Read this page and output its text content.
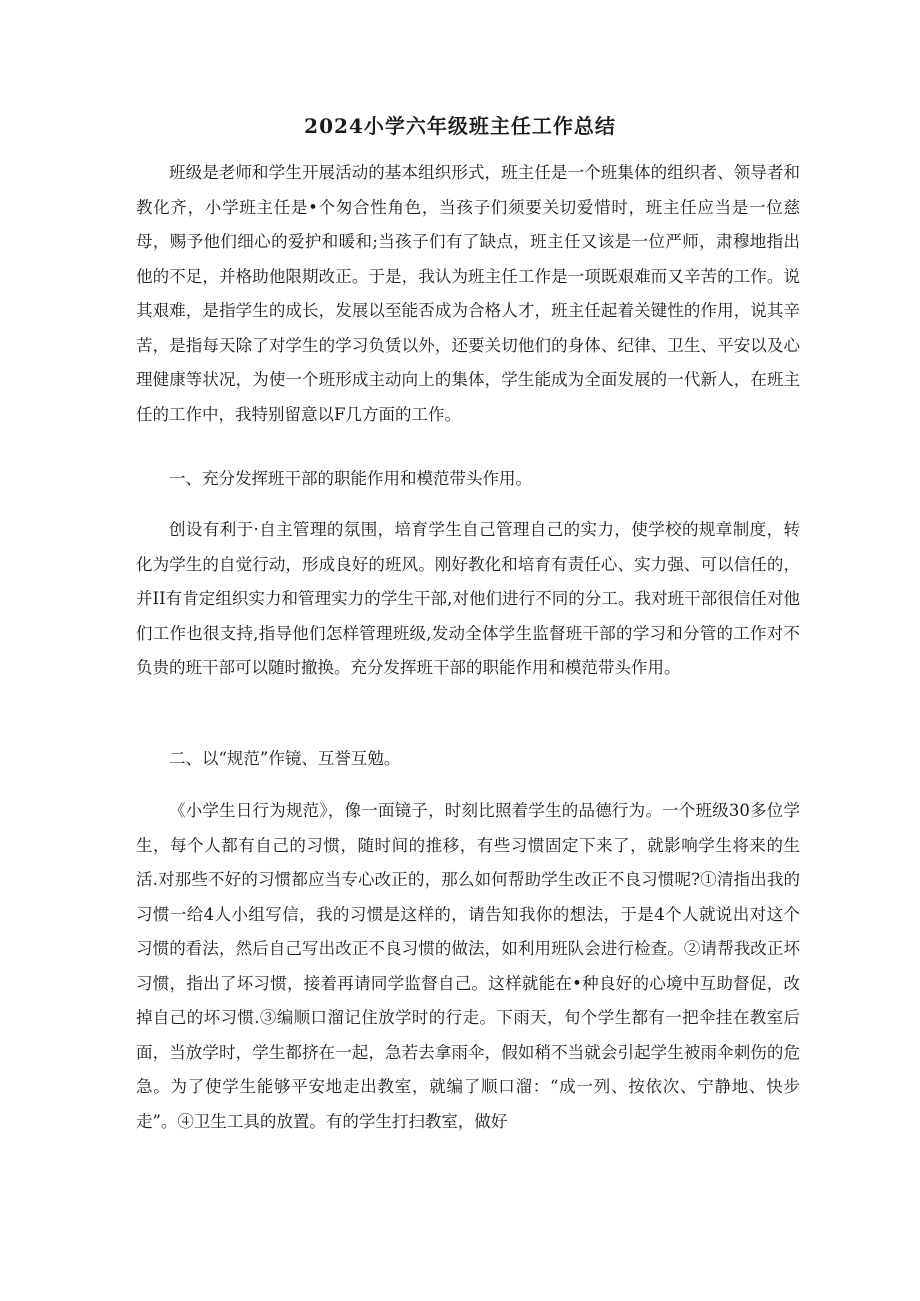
2024小学六年级班主任工作总结

班级是老师和学生开展活动的基本组织形式，班主任是一个班集体的组织者、领导者和教化齐，小学班主任是•个匆合性角色，当孩子们须要关切爱惜时，班主任应当是一位慈母，赐予他们细心的爱护和暖和;当孩子们有了缺点，班主任又该是一位严师，肃穆地指出他的不足，并格助他限期改正。于是，我认为班主任工作是一项既艰难而又辛苦的工作。说其艰难，是指学生的成长，发展以至能否成为合格人才，班主任起着关键性的作用，说其辛苦，是指每天除了对学生的学习负赁以外，还要关切他们的身体、纪律、卫生、平安以及心理健康等状况，为使一个班形成主动向上的集体，学生能成为全面发展的一代新人，在班主任的工作中，我特别留意以F几方面的工作。

一、充分发挥班干部的职能作用和模范带头作用。

创设有利于·自主管理的氛围，培育学生自己管理自己的实力，使学校的规章制度，转化为学生的自觉行动，形成良好的班风。刚好教化和培育有责任心、实力强、可以信任的，并II有肯定组织实力和管理实力的学生干部,对他们进行不同的分工。我对班干部很信任对他们工作也很支持,指导他们怎样管理班级,发动全体学生监督班干部的学习和分管的工作对不负贵的班干部可以随时撤换。充分发挥班干部的职能作用和模范带头作用。

二、以“规范”作镜、互誉互勉。

《小学生日行为规范》，像一面镜子，时刻比照着学生的品德行为。一个班级30多位学生，每个人都有自己的习惯，随时间的推移，有些习惯固定下来了，就影响学生将来的生活.对那些不好的习惯都应当专心改正的，那么如何帮助学生改正不良习惯呢?①清指出我的习惯一给4人小组写信，我的习惯是这样的，请告知我你的想法，于是4个人就说出对这个习惯的看法，然后自己写出改正不良习惯的做法，如利用班队会进行检查。②请帮我改正坏习惯，指出了坏习惯，接着再请同学监督自己。这样就能在•种良好的心境中互助督促，改掉自己的坏习惯.③编顺口溜记住放学时的行走。下雨天，旬个学生都有一把伞挂在教室后面，当放学时，学生都挤在一起，急若去拿雨伞，假如稍不当就会引起学生被雨伞刺伤的危急。为了使学生能够平安地走出教室，就编了顺口溜：“成一列、按依次、宁静地、快步走”。④卫生工具的放置。有的学生打扫教室，做好
